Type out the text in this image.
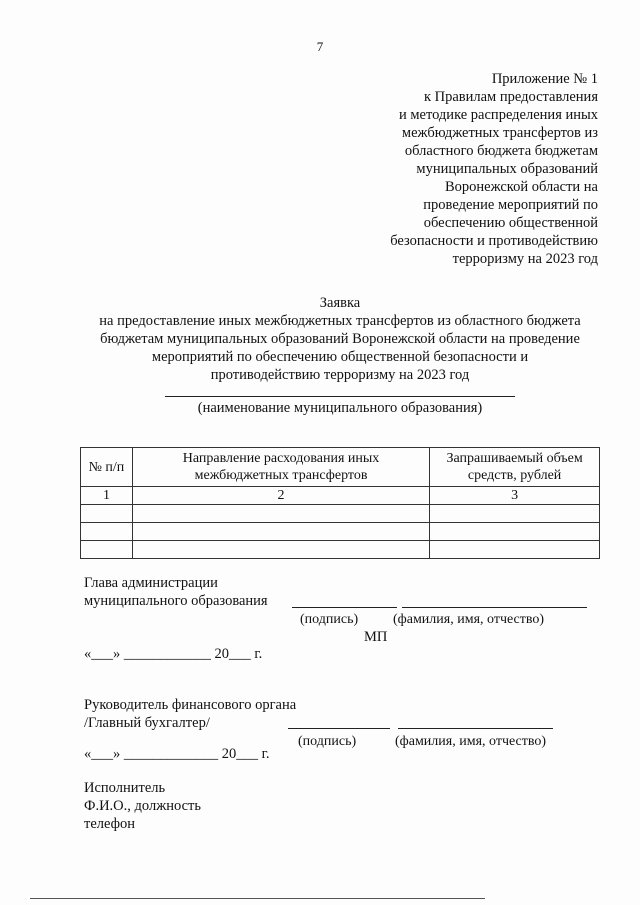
7
Приложение № 1
к Правилам предоставления
и методике распределения иных
межбюджетных трансфертов из
областного бюджета бюджетам
муниципальных образований
Воронежской области на
проведение мероприятий по
обеспечению общественной
безопасности и противодействию
терроризму на 2023 год
Заявка
на предоставление иных межбюджетных трансфертов из областного бюджета
бюджетам муниципальных образований Воронежской области на проведение
мероприятий по обеспечению общественной безопасности и
противодействию терроризму на 2023 год
(наименование муниципального образования)
№ п/п	Направление расходования иных межбюджетных трансфертов	Запрашиваемый объем средств, рублей
1	2	3

Глава администрации
муниципального образования
(подпись) (фамилия, имя, отчество)
МП
«___» ____________ 20___ г.
Руководитель финансового органа
/Главный бухгалтер/
(подпись)	(фамилия, имя, отчество)
«___» _____________ 20___ г.
Исполнитель
Ф.И.О., должность
телефон
